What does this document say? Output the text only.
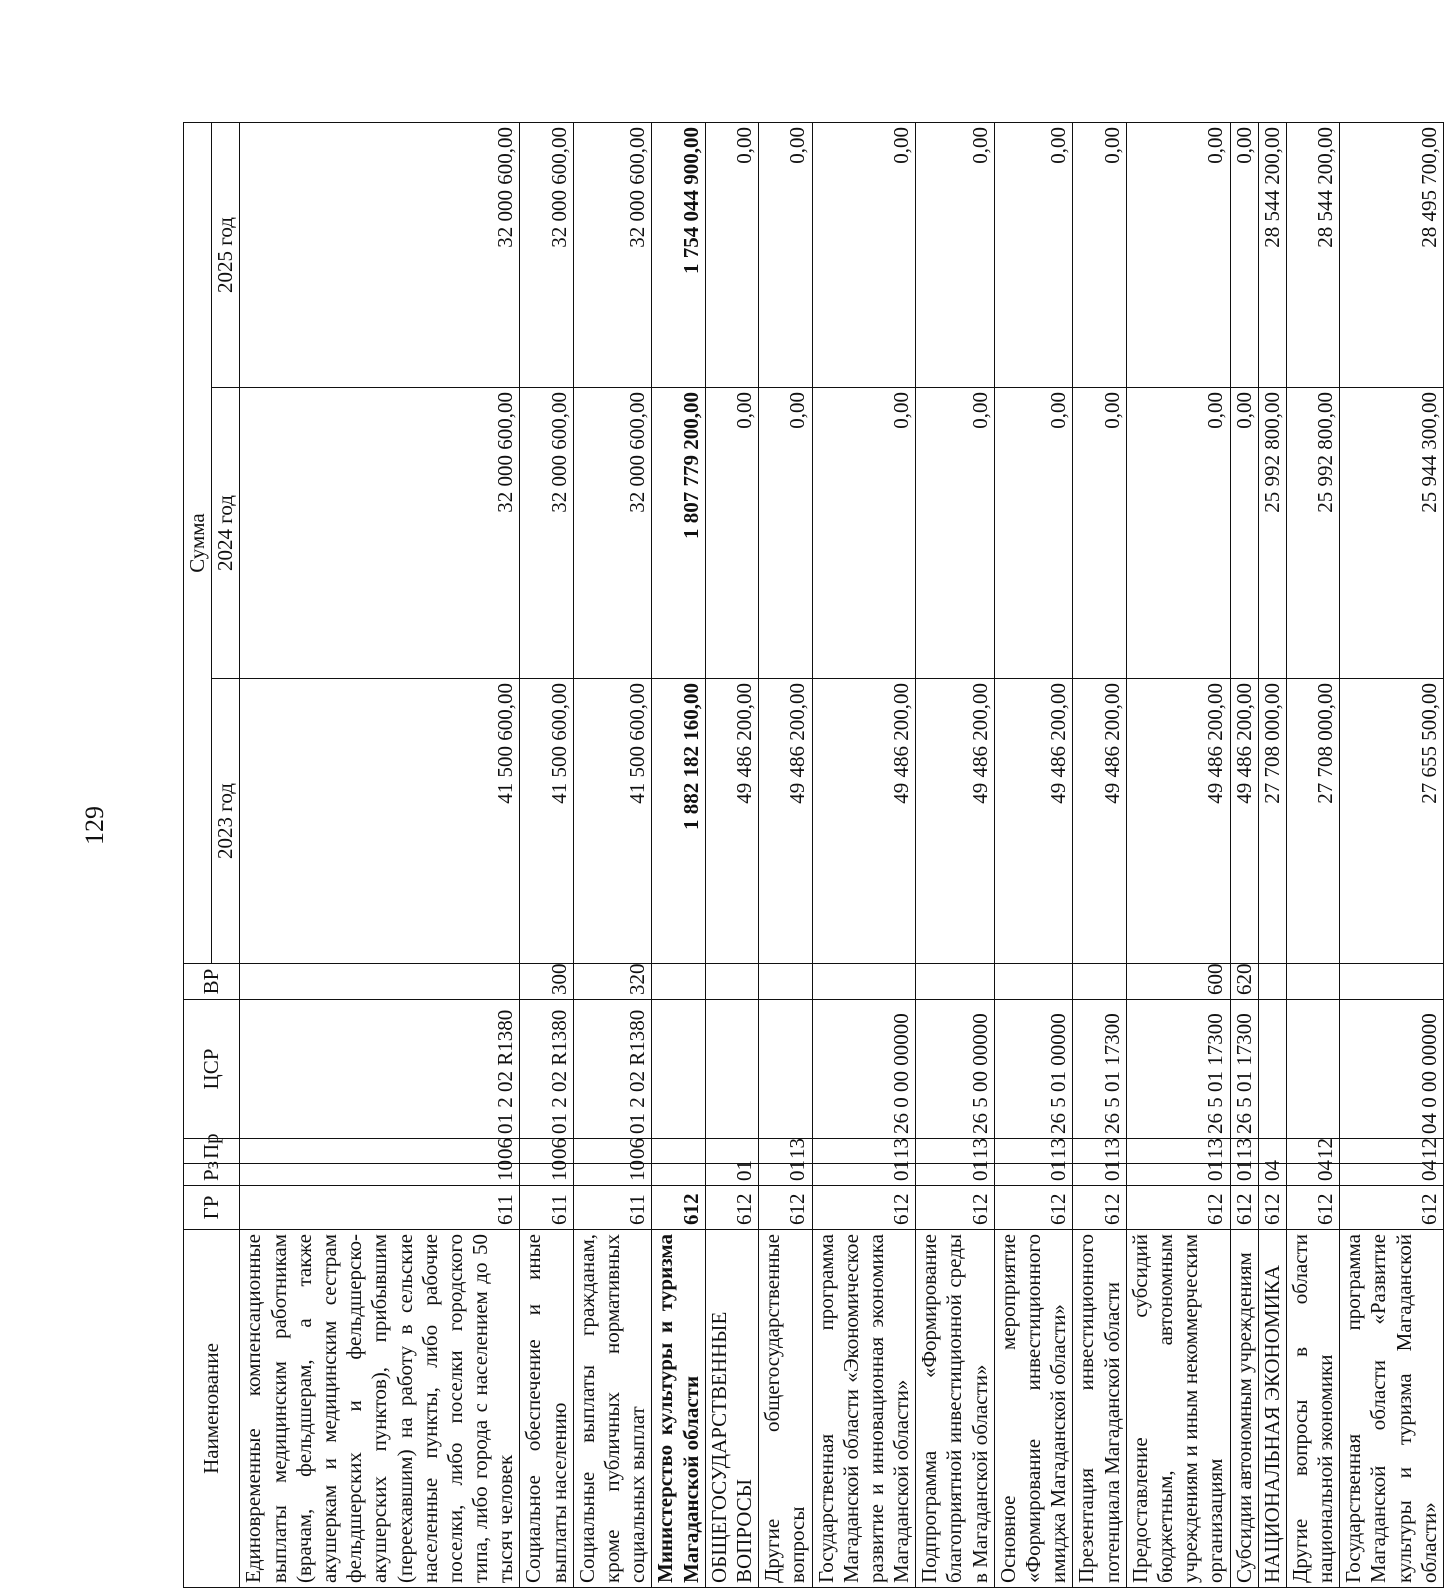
129
Наименование	ГР	Рз	Пр	ЦСР	ВР	Сумма		
						2023 год	2024 год	2025 год
Единовременные компенсационные выплаты медицинским работникам (врачам, фельдшерам, а также акушеркам и медицинским сестрам фельдшерских и фельдшерско-акушерских пунктов), прибывшим (переехавшим) на работу в сельские населенные пункты, либо рабочие поселки, либо поселки городского типа, либо города с населением до 50 тысяч человек	611	10	06	01 2 02 R1380		41 500 600,00	32 000 600,00	32 000 600,00
Социальное обеспечение и иные выплаты населению	611	10	06	01 2 02 R1380	300	41 500 600,00	32 000 600,00	32 000 600,00
Социальные выплаты гражданам, кроме публичных нормативных социальных выплат	611	10	06	01 2 02 R1380	320	41 500 600,00	32 000 600,00	32 000 600,00
Министерство культуры и туризма Магаданской области	612					1 882 182 160,00	1 807 779 200,00	1 754 044 900,00
ОБЩЕГОСУДАРСТВЕННЫЕ ВОПРОСЫ	612	01				49 486 200,00	0,00	0,00
Другие общегосударственные вопросы	612	01	13			49 486 200,00	0,00	0,00
Государственная программа Магаданской области «Экономическое развитие и инновационная экономика Магаданской области»	612	01	13	26 0 00 00000		49 486 200,00	0,00	0,00
Подпрограмма «Формирование благоприятной инвестиционной среды в Магаданской области»	612	01	13	26 5 00 00000		49 486 200,00	0,00	0,00
Основное мероприятие «Формирование инвестиционного имиджа Магаданской области»	612	01	13	26 5 01 00000		49 486 200,00	0,00	0,00
Презентация инвестиционного потенциала Магаданской области	612	01	13	26 5 01 17300		49 486 200,00	0,00	0,00
Предоставление субсидий бюджетным, автономным учреждениям и иным некоммерческим организациям	612	01	13	26 5 01 17300	600	49 486 200,00	0,00	0,00
Субсидии автономным учреждениям	612	01	13	26 5 01 17300	620	49 486 200,00	0,00	0,00
НАЦИОНАЛЬНАЯ ЭКОНОМИКА	612	04				27 708 000,00	25 992 800,00	28 544 200,00
Другие вопросы в области национальной экономики	612	04	12			27 708 000,00	25 992 800,00	28 544 200,00
Государственная программа Магаданской области «Развитие культуры и туризма Магаданской области»	612	04	12	04 0 00 00000		27 655 500,00	25 944 300,00	28 495 700,00
